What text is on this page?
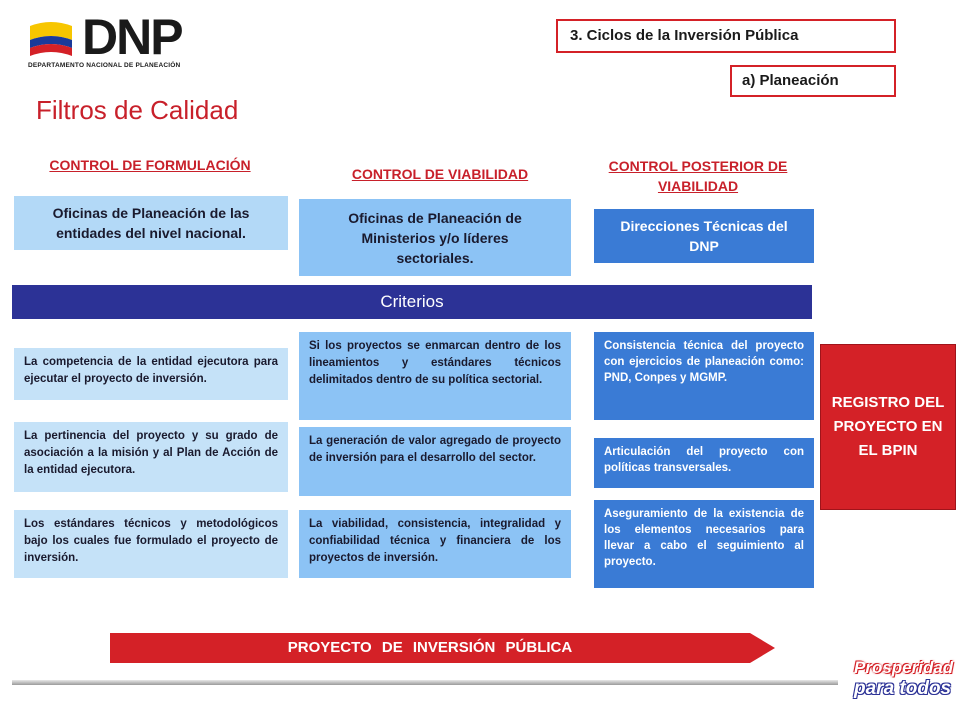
DNP
DEPARTAMENTO NACIONAL DE PLANEACIÓN
3. Ciclos de la Inversión Pública
a) Planeación
Filtros de Calidad
CONTROL DE FORMULACIÓN
CONTROL DE VIABILIDAD	CONTROL POSTERIOR DE VIABILIDAD
Oficinas de Planeación de las entidades del nivel nacional.
Oficinas de Planeación de Ministerios y/o líderes sectoriales.
Direcciones Técnicas del DNP
Criterios
La competencia de la entidad ejecutora para ejecutar el proyecto de inversión.
La pertinencia del proyecto y su grado de asociación a la misión y al Plan de Acción de la entidad ejecutora.
Los estándares técnicos y metodológicos bajo los cuales fue formulado el proyecto de inversión.
Si los proyectos se enmarcan dentro de los lineamientos y estándares técnicos delimitados dentro de su política sectorial.
La generación de valor agregado de proyecto de inversión para el desarrollo del sector.
La viabilidad, consistencia, integralidad y confiabilidad técnica y financiera de los proyectos de inversión.
Consistencia técnica del proyecto con ejercicios de planeación como: PND, Conpes y MGMP.
Articulación del proyecto con políticas transversales.
Aseguramiento de la existencia de los elementos necesarios para llevar a cabo el seguimiento al proyecto.
REGISTRO DEL PROYECTO EN EL BPIN
PROYECTO DE INVERSIÓN PÚBLICA
Prosperidad
para todos
